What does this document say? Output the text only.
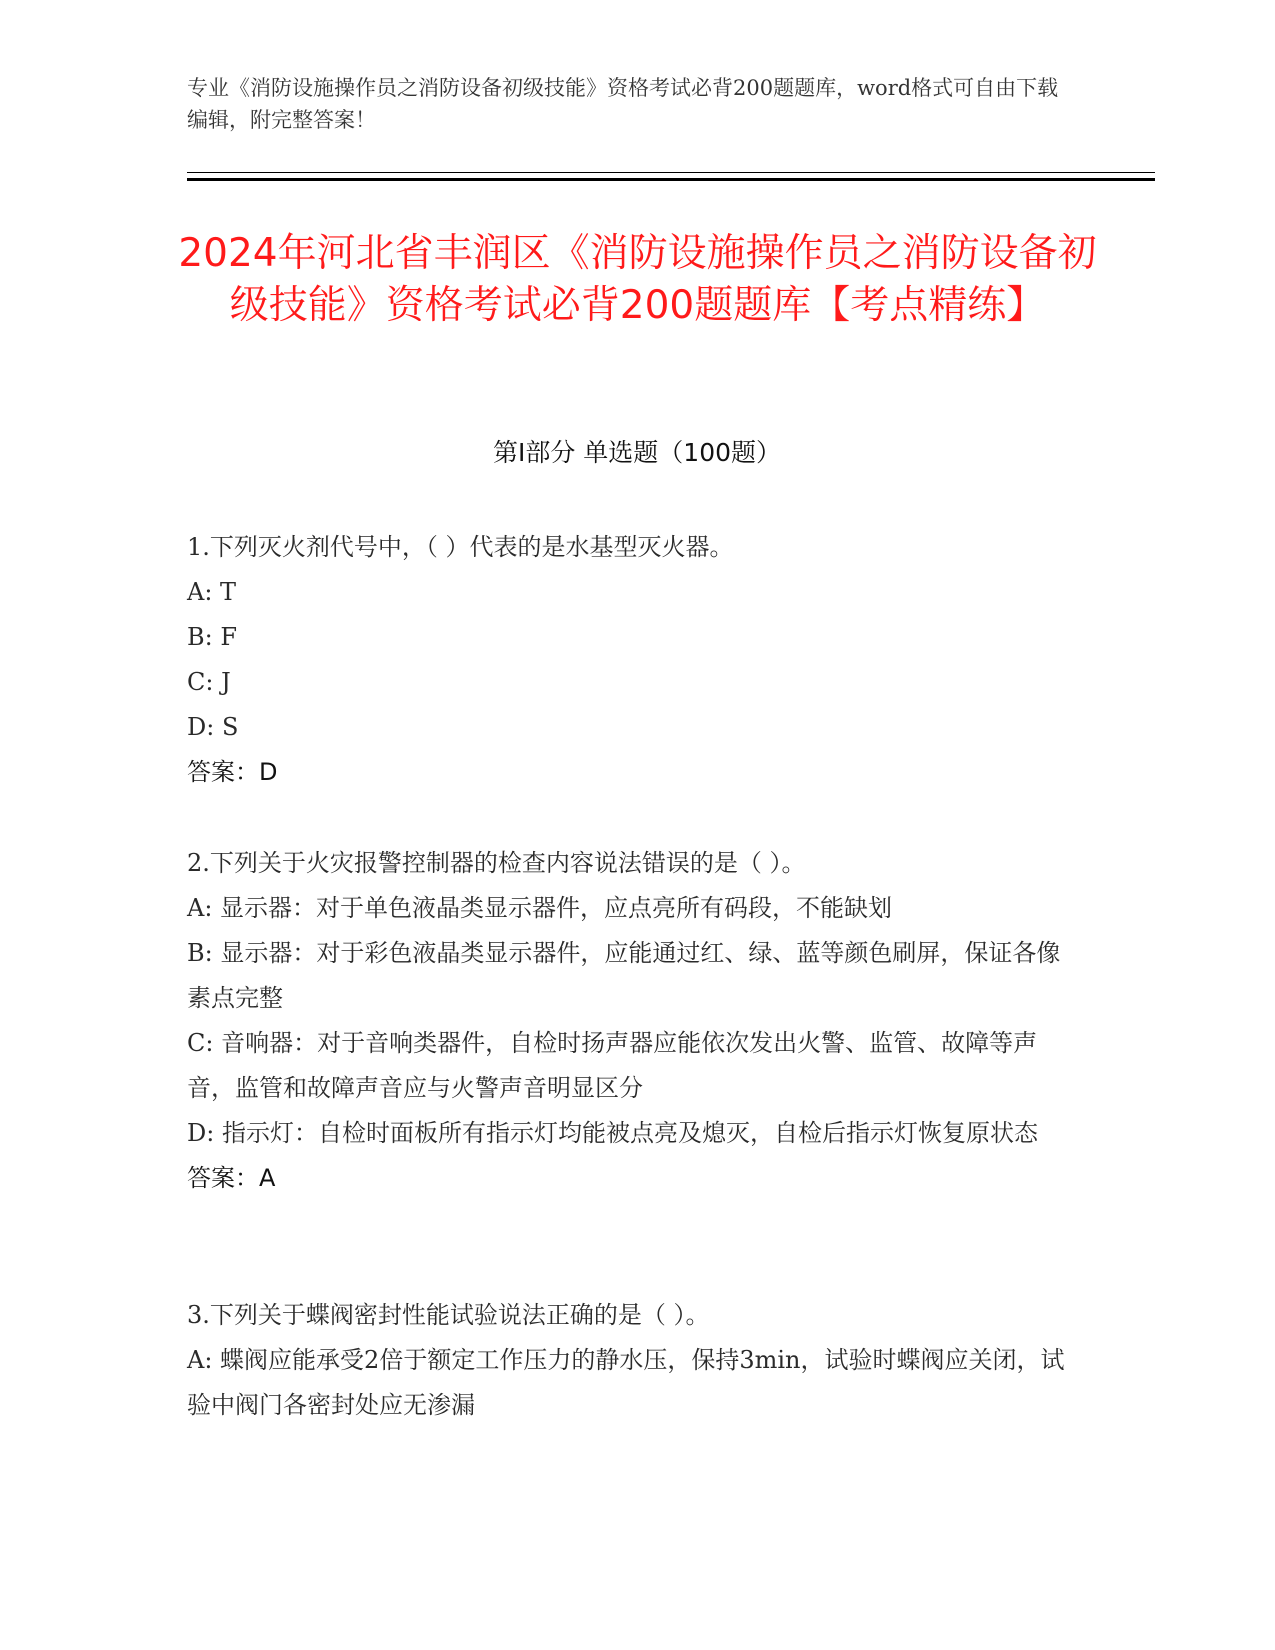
专业《消防设施操作员之消防设备初级技能》资格考试必背200题题库，word格式可自由下载编辑，附完整答案！
2024年河北省丰润区《消防设施操作员之消防设备初级技能》资格考试必背200题题库【考点精练】
第I部分 单选题（100题）
1.下列灭火剂代号中，（ ）代表的是水基型灭火器。
A: T
B: F
C: J
D: S
答案：D
2.下列关于火灾报警控制器的检查内容说法错误的是（ ）。
A: 显示器：对于单色液晶类显示器件，应点亮所有码段，不能缺划
B: 显示器：对于彩色液晶类显示器件，应能通过红、绿、蓝等颜色刷屏，保证各像素点完整
C: 音响器：对于音响类器件，自检时扬声器应能依次发出火警、监管、故障等声音，监管和故障声音应与火警声音明显区分
D: 指示灯：自检时面板所有指示灯均能被点亮及熄灭，自检后指示灯恢复原状态
答案：A
3.下列关于蝶阀密封性能试验说法正确的是（ ）。
A: 蝶阀应能承受2倍于额定工作压力的静水压，保持3min，试验时蝶阀应关闭，试验中阀门各密封处应无渗漏
